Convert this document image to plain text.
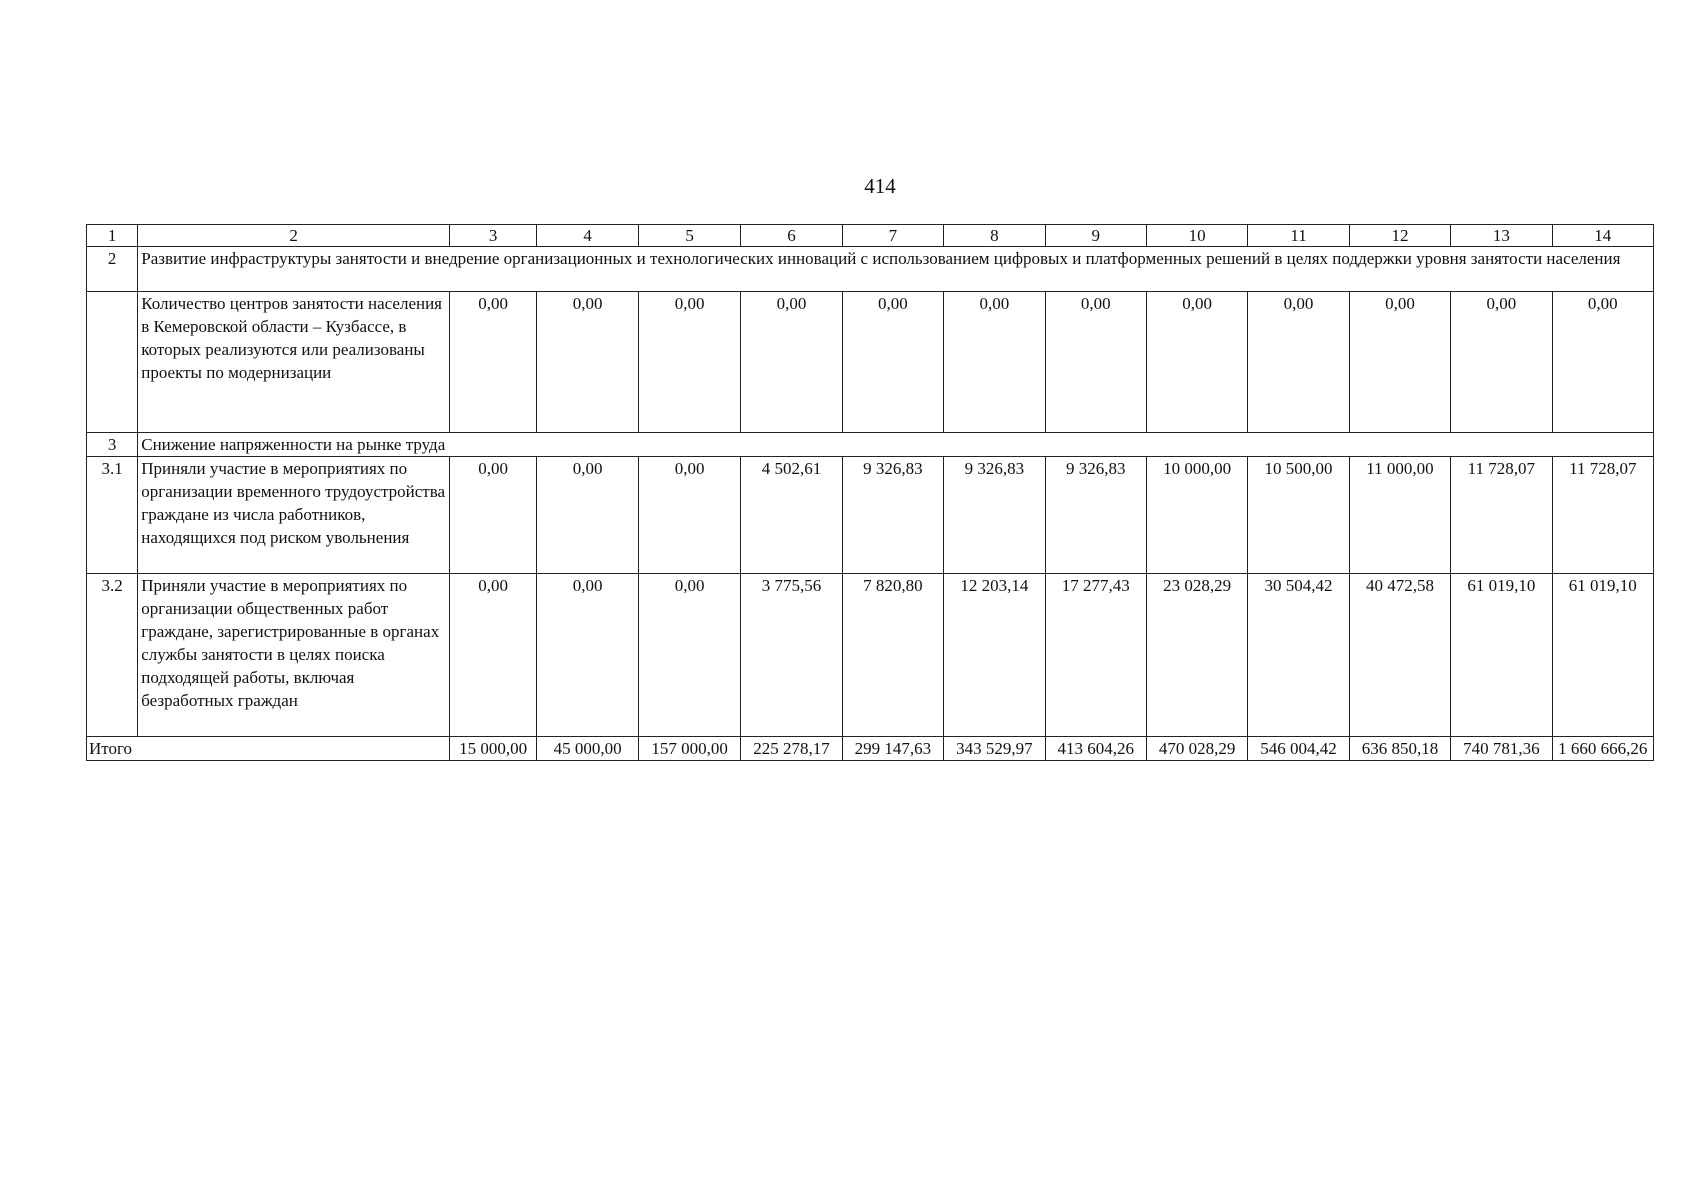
414
1	2	3	4	5	6	7	8	9	10	11	12	13	14
2	Развитие инфраструктуры занятости и внедрение организационных и технологических инноваций с использованием цифровых и платформенных решений в целях поддержки уровня занятости населения												
	Количество центров занятости населения в Кемеровской области – Кузбассе, в которых реализуются или реализованы проекты по модернизации	0,00	0,00	0,00	0,00	0,00	0,00	0,00	0,00	0,00	0,00	0,00	0,00
3	Снижение напряженности на рынке труда												
3.1	Приняли участие в мероприятиях по организации временного трудоустройства граждане из числа работников, находящихся под риском увольнения	0,00	0,00	0,00	4 502,61	9 326,83	9 326,83	9 326,83	10 000,00	10 500,00	11 000,00	11 728,07	11 728,07
3.2	Приняли участие в мероприятиях по организации общественных работ граждане, зарегистрированные в органах службы занятости в целях поиска подходящей работы, включая безработных граждан	0,00	0,00	0,00	3 775,56	7 820,80	12 203,14	17 277,43	23 028,29	30 504,42	40 472,58	61 019,10	61 019,10
Итого		15 000,00	45 000,00	157 000,00	225 278,17	299 147,63	343 529,97	413 604,26	470 028,29	546 004,42	636 850,18	740 781,36	1 660 666,26
